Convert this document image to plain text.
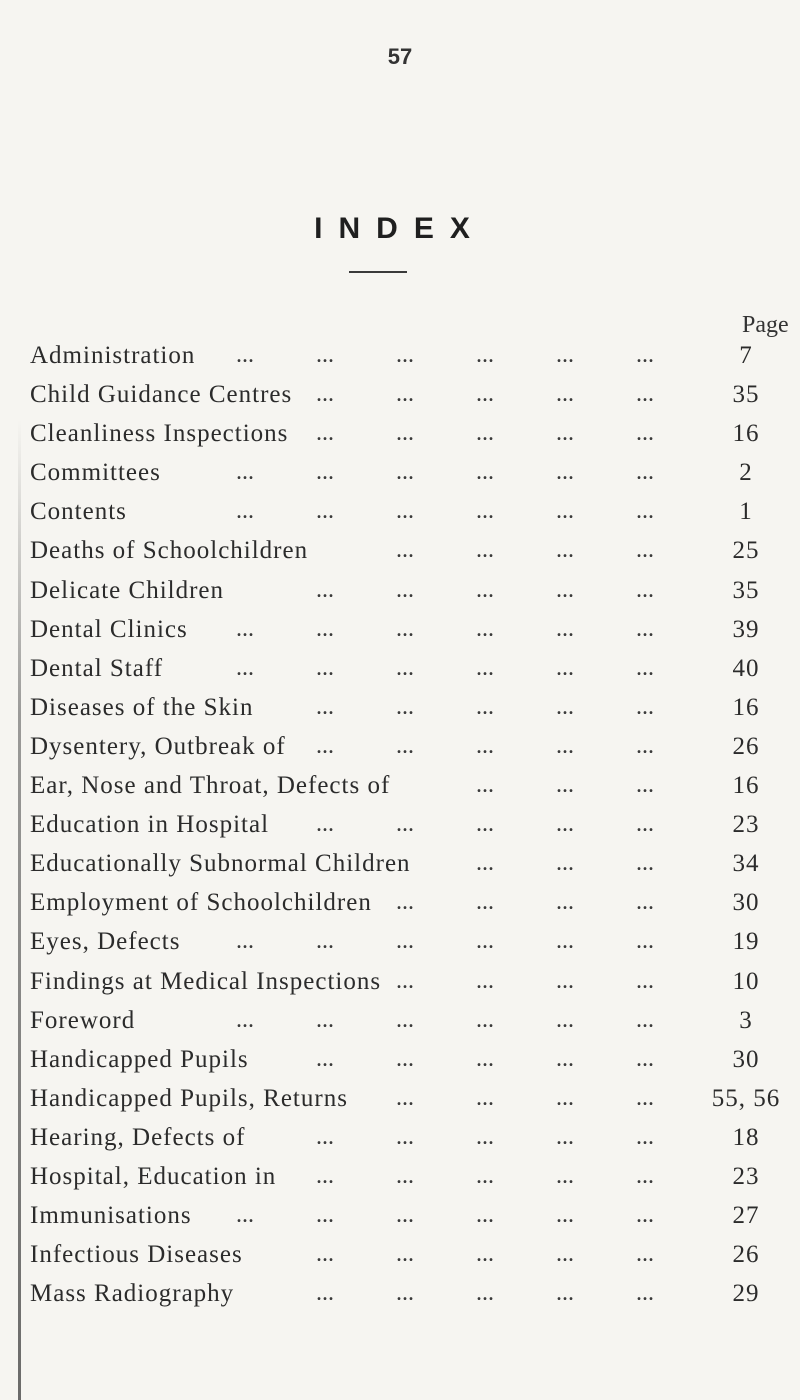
57
INDEX
Page
Administration ...	...	...	...	...	...	7
Child Guidance Centres ...	...	...	...	...	35
Cleanliness Inspections ...	...	...	...	...	16
Committees	...	...	...	...	...	...	2
Contents	...	...	...	...	...	...	1
Deaths of Schoolchildren	...	...	...	...	25
Delicate Children	...	...	...	...	...	35
Dental Clinics ...	...	...	...	...	...	39
Dental Staff	...	...	...	...	...	...	40
Diseases of the Skin	...	...	...	...	...	16
Dysentery, Outbreak of ...	...	...	...	...	26
Ear, Nose and Throat, Defects of	...	...	...	16
Education in Hospital ...	...	...	...	...	23
Educationally Subnormal Children	...	...	...	34
Employment of Schoolchildren ...	...	...	...	30
Eyes, Defects ...	...	...	...	...	...	19
Findings at Medical Inspections ...	...	...	...	10
Foreword	...	...	...	...	...	...	3
Handicapped Pupils	...	...	...	...	...	30
Handicapped Pupils, Returns ...	...	...	... 55, 56
Hearing, Defects of	...	...	...	...	...	18
Hospital, Education in ...	...	...	...	...	23
Immunisations ...	...	...	...	...	...	27
Infectious Diseases	...	...	...	...	...	26
Mass Radiography	...	...	...	...	...	29
